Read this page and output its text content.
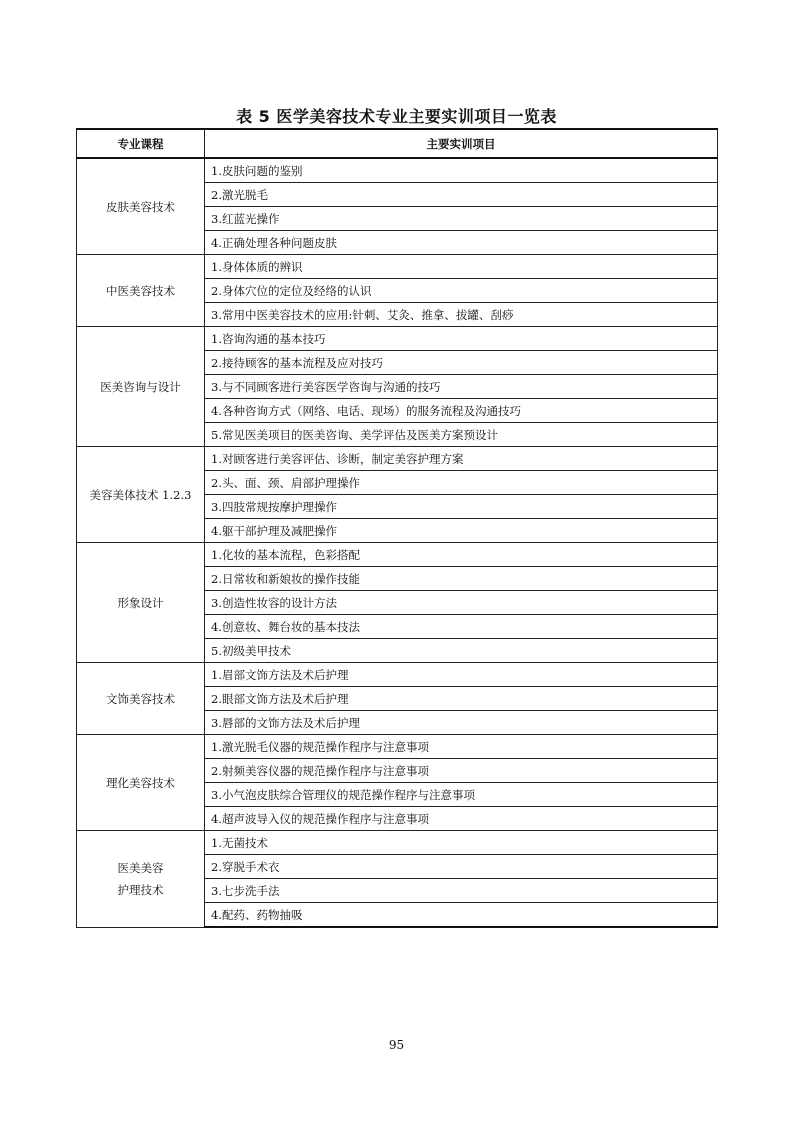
表 5 医学美容技术专业主要实训项目一览表
专业课程	主要实训项目

皮肤美容技术	1.皮肤问题的鉴别
	2.激光脱毛
	3.红蓝光操作
	4.正确处理各种问题皮肤

中医美容技术	1.身体体质的辨识
	2.身体穴位的定位及经络的认识
	3.常用中医美容技术的应用:针刺、艾灸、推拿、拔罐、刮痧

医美咨询与设计	1.咨询沟通的基本技巧
	2.接待顾客的基本流程及应对技巧
	3.与不同顾客进行美容医学咨询与沟通的技巧
	4.各种咨询方式（网络、电话、现场）的服务流程及沟通技巧
	5.常见医美项目的医美咨询、美学评估及医美方案预设计

美容美体技术 1.2.3	1.对顾客进行美容评估、诊断，制定美容护理方案
	2.头、面、颈、肩部护理操作
	3.四肢常规按摩护理操作
	4.躯干部护理及减肥操作

形象设计	1.化妆的基本流程，色彩搭配
	2.日常妆和新娘妆的操作技能
	3.创造性妆容的设计方法
	4.创意妆、舞台妆的基本技法
	5.初级美甲技术

文饰美容技术	1.眉部文饰方法及术后护理
	2.眼部文饰方法及术后护理
	3.唇部的文饰方法及术后护理

理化美容技术	1.激光脱毛仪器的规范操作程序与注意事项
	2.射频美容仪器的规范操作程序与注意事项
	3.小气泡皮肤综合管理仪的规范操作程序与注意事项
	4.超声波导入仪的规范操作程序与注意事项

医美美容
护理技术	1.无菌技术
	2.穿脱手术衣
	3.七步洗手法
	4.配药、药物抽吸
95
